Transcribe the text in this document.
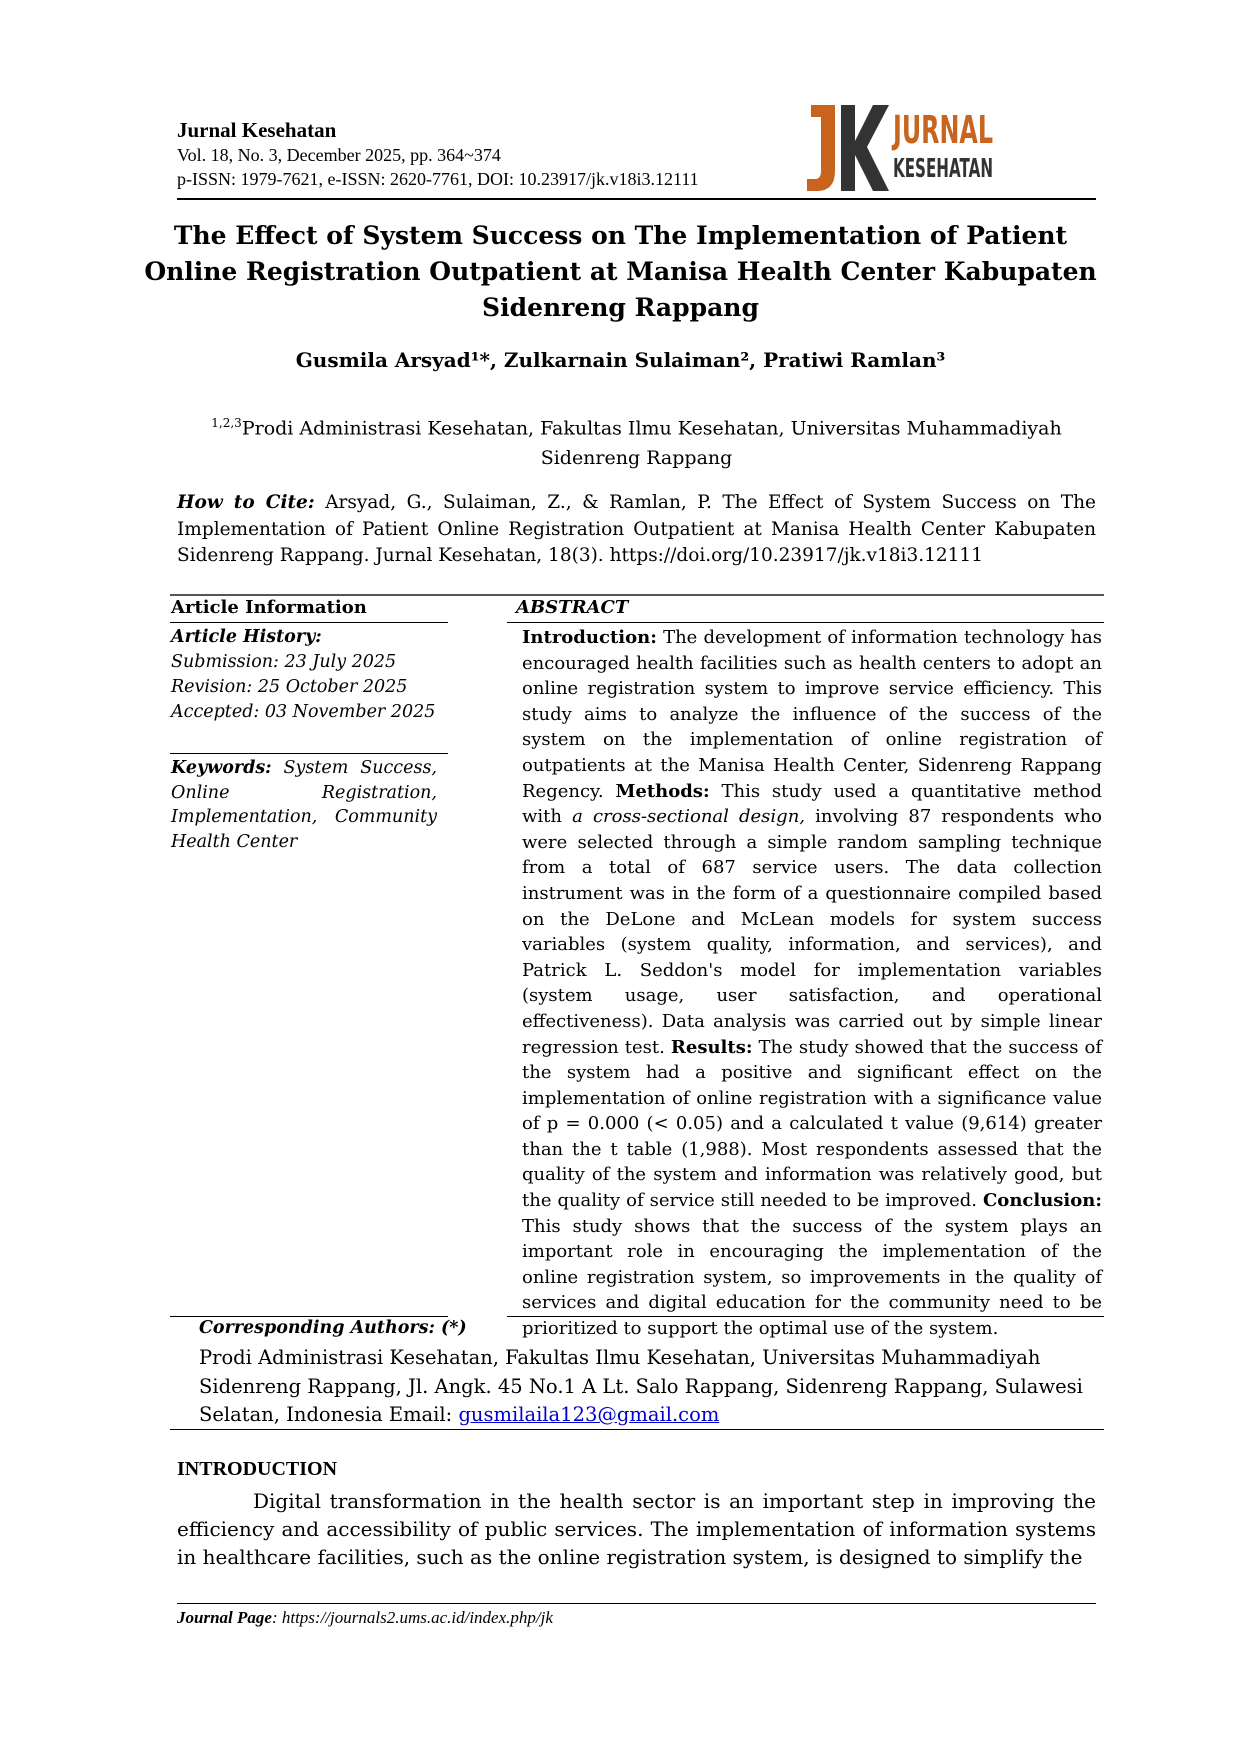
Jurnal Kesehatan
Vol. 18, No. 3, December 2025, pp. 364~374
p-ISSN: 1979-7621, e-ISSN: 2620-7761, DOI: 10.23917/jk.v18i3.12111
JURNAL
KESEHATAN
The Effect of System Success on The Implementation of Patient Online Registration Outpatient at Manisa Health Center Kabupaten Sidenreng Rappang
Gusmila Arsyad¹*, Zulkarnain Sulaiman², Pratiwi Ramlan³
$^{1,2,3}$Prodi Administrasi Kesehatan, Fakultas Ilmu Kesehatan, Universitas Muhammadiyah Sidenreng Rappang
How to Cite: Arsyad, G., Sulaiman, Z., & Ramlan, P. The Effect of System Success on The Implementation of Patient Online Registration Outpatient at Manisa Health Center Kabupaten Sidenreng Rappang. Jurnal Kesehatan, 18(3). https://doi.org/10.23917/jk.v18i3.12111
Article Information	ABSTRACT
Article History:
Submission: 23 July 2025
Revision: 25 October 2025
Accepted: 03 November 2025
Keywords: System Success, Online Registration, Implementation, Community Health Center
Introduction: The development of information technology has encouraged health facilities such as health centers to adopt an online registration system to improve service efficiency. This study aims to analyze the influence of the success of the system on the implementation of online registration of outpatients at the Manisa Health Center, Sidenreng Rappang Regency. Methods: This study used a quantitative method with a cross-sectional design, involving 87 respondents who were selected through a simple random sampling technique from a total of 687 service users. The data collection instrument was in the form of a questionnaire compiled based on the DeLone and McLean models for system success variables (system quality, information, and services), and Patrick L. Seddon's model for implementation variables (system usage, user satisfaction, and operational effectiveness). Data analysis was carried out by simple linear regression test. Results: The study showed that the success of the system had a positive and significant effect on the implementation of online registration with a significance value of p = 0.000 (< 0.05) and a calculated t value (9,614) greater than the t table (1,988). Most respondents assessed that the quality of the system and information was relatively good, but the quality of service still needed to be improved. Conclusion: This study shows that the success of the system plays an important role in encouraging the implementation of the online registration system, so improvements in the quality of services and digital education for the community need to be prioritized to support the optimal use of the system.
Corresponding Authors: (*)
Prodi Administrasi Kesehatan, Fakultas Ilmu Kesehatan, Universitas Muhammadiyah Sidenreng Rappang, Jl. Angk. 45 No.1 A Lt. Salo Rappang, Sidenreng Rappang, Sulawesi Selatan, Indonesia Email: gusmilaila123@gmail.com
INTRODUCTION
Digital transformation in the health sector is an important step in improving the efficiency and accessibility of public services. The implementation of information systems in healthcare facilities, such as the online registration system, is designed to simplify the
Journal Page: https://journals2.ums.ac.id/index.php/jk
